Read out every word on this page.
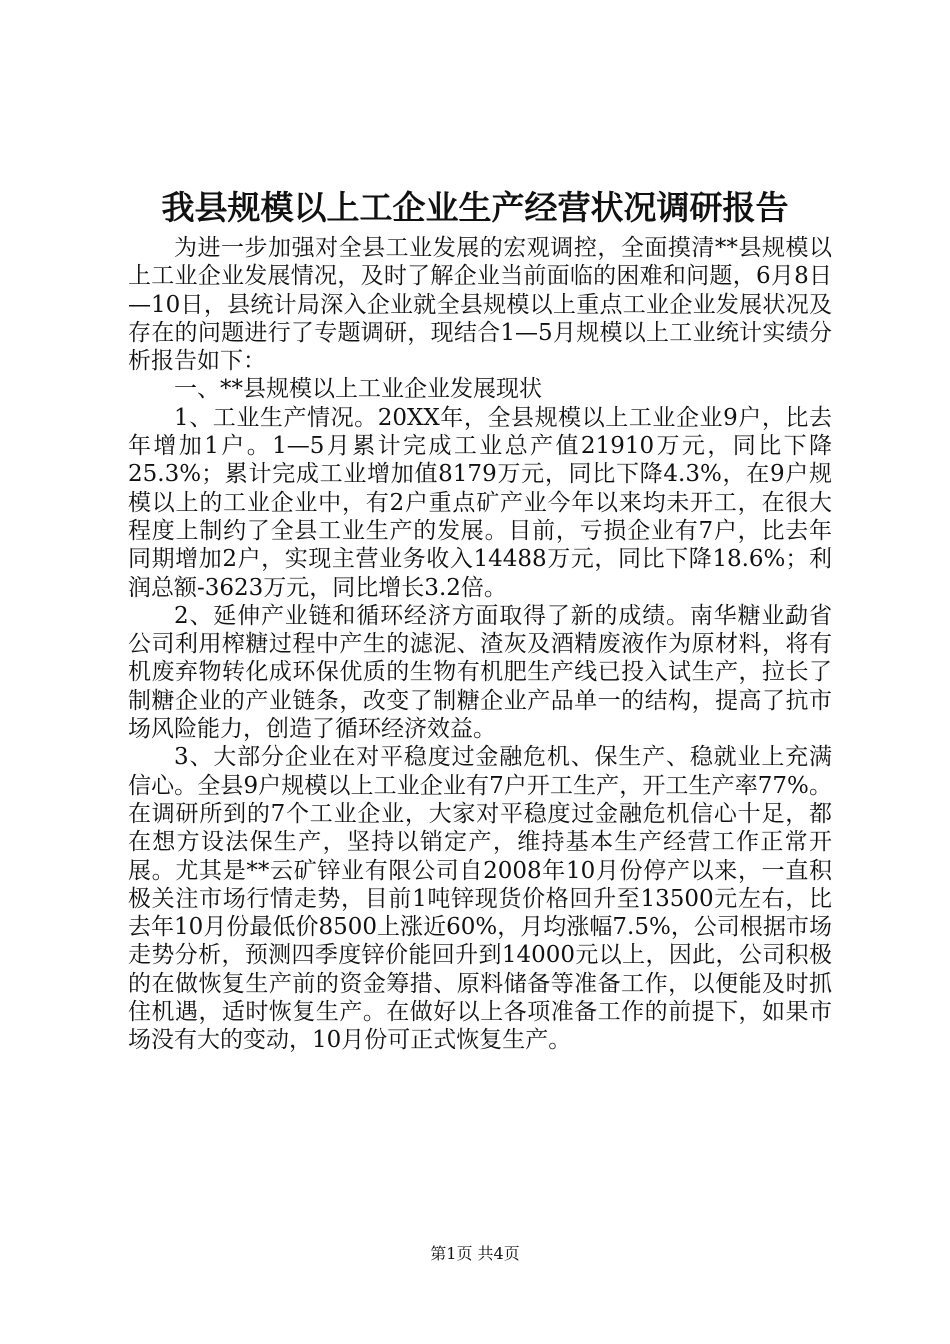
我县规模以上工企业生产经营状况调研报告

为进一步加强对全县工业发展的宏观调控，全面摸清**县规模以上工业企业发展情况，及时了解企业当前面临的困难和问题，6月8日—10日，县统计局深入企业就全县规模以上重点工业企业发展状况及存在的问题进行了专题调研，现结合1—5月规模以上工业统计实绩分析报告如下：

一、**县规模以上工业企业发展现状

1、工业生产情况。20XX年，全县规模以上工业企业9户，比去年增加1户。1—5月累计完成工业总产值21910万元，同比下降25.3%；累计完成工业增加值8179万元，同比下降4.3%，在9户规模以上的工业企业中，有2户重点矿产业今年以来均未开工，在很大程度上制约了全县工业生产的发展。目前，亏损企业有7户，比去年同期增加2户，实现主营业务收入14488万元，同比下降18.6%；利润总额-3623万元，同比增长3.2倍。

2、延伸产业链和循环经济方面取得了新的成绩。南华糖业勐省公司利用榨糖过程中产生的滤泥、渣灰及酒精废液作为原材料，将有机废弃物转化成环保优质的生物有机肥生产线已投入试生产，拉长了制糖企业的产业链条，改变了制糖企业产品单一的结构，提高了抗市场风险能力，创造了循环经济效益。

3、大部分企业在对平稳度过金融危机、保生产、稳就业上充满信心。全县9户规模以上工业企业有7户开工生产，开工生产率77%。在调研所到的7个工业企业，大家对平稳度过金融危机信心十足，都在想方设法保生产，坚持以销定产，维持基本生产经营工作正常开展。尤其是**云矿锌业有限公司自2008年10月份停产以来，一直积极关注市场行情走势，目前1吨锌现货价格回升至13500元左右，比去年10月份最低价8500上涨近60%，月均涨幅7.5%，公司根据市场走势分析，预测四季度锌价能回升到14000元以上，因此，公司积极的在做恢复生产前的资金筹措、原料储备等准备工作，以便能及时抓住机遇，适时恢复生产。在做好以上各项准备工作的前提下，如果市场没有大的变动，10月份可正式恢复生产。

第1页 共4页
